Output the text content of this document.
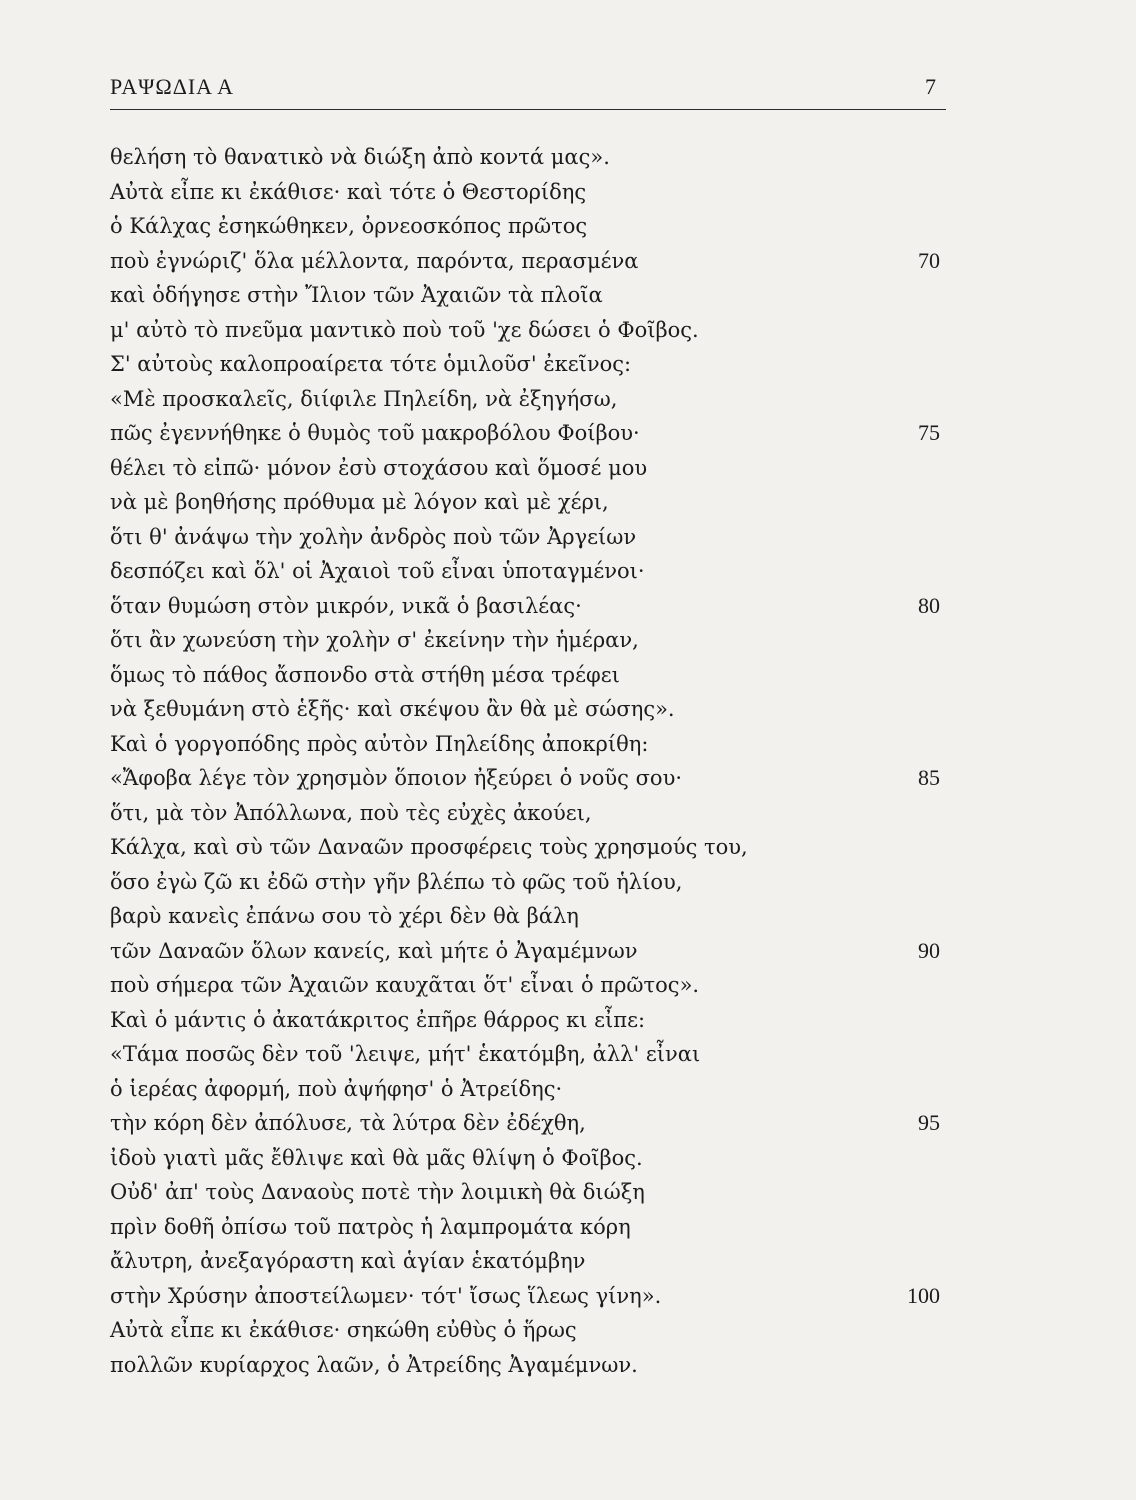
ΡΑΨΩΔΙΑ Α	7
θελήση τὸ θανατικὸ νὰ διώξη ἀπὸ κοντά μας».
Αὐτὰ εἶπε κι ἐκάθισε· καὶ τότε ὁ Θεστορίδης
ὁ Κάλχας ἐσηκώθηκεν, ὀρνεοσκόπος πρῶτος
ποὺ ἐγνώριζ' ὅλα μέλλοντα, παρόντα, περασμένα	70
καὶ ὁδήγησε στὴν Ἴλιον τῶν Ἀχαιῶν τὰ πλοῖα
μ' αὐτὸ τὸ πνεῦμα μαντικὸ ποὺ τοῦ 'χε δώσει ὁ Φοῖβος.
Σ' αὐτοὺς καλοπροαίρετα τότε ὁμιλοῦσ' ἐκεῖνος:
«Μὲ προσκαλεῖς, διίφιλε Πηλείδη, νὰ ἐξηγήσω,
πῶς ἐγεννήθηκε ὁ θυμὸς τοῦ μακροβόλου Φοίβου·	75
θέλει τὸ εἰπῶ· μόνον ἐσὺ στοχάσου καὶ ὅμοσέ μου
νὰ μὲ βοηθήσης πρόθυμα μὲ λόγον καὶ μὲ χέρι,
ὅτι θ' ἀνάψω τὴν χολὴν ἀνδρὸς ποὺ τῶν Ἀργείων
δεσπόζει καὶ ὅλ' οἱ Ἀχαιοὶ τοῦ εἶναι ὑποταγμένοι·
ὅταν θυμώση στὸν μικρόν, νικᾶ ὁ βασιλέας·	80
ὅτι ἂν χωνεύση τὴν χολὴν σ' ἐκείνην τὴν ἡμέραν,
ὅμως τὸ πάθος ἄσπονδο στὰ στήθη μέσα τρέφει
νὰ ξεθυμάνη στὸ ἑξῆς· καὶ σκέψου ἂν θὰ μὲ σώσης».
Καὶ ὁ γοργοπόδης πρὸς αὐτὸν Πηλείδης ἀποκρίθη:
«Ἄφοβα λέγε τὸν χρησμὸν ὅποιον ἠξεύρει ὁ νοῦς σου·	85
ὅτι, μὰ τὸν Ἀπόλλωνα, ποὺ τὲς εὐχὲς ἀκούει,
Κάλχα, καὶ σὺ τῶν Δαναῶν προσφέρεις τοὺς χρησμούς του,
ὅσο ἐγὼ ζῶ κι ἐδῶ στὴν γῆν βλέπω τὸ φῶς τοῦ ἡλίου,
βαρὺ κανεὶς ἐπάνω σου τὸ χέρι δὲν θὰ βάλη
τῶν Δαναῶν ὅλων κανείς, καὶ μήτε ὁ Ἀγαμέμνων	90
ποὺ σήμερα τῶν Ἀχαιῶν καυχᾶται ὅτ' εἶναι ὁ πρῶτος».
Καὶ ὁ μάντις ὁ ἀκατάκριτος ἐπῆρε θάρρος κι εἶπε:
«Τάμα ποσῶς δὲν τοῦ 'λειψε, μήτ' ἑκατόμβη, ἀλλ' εἶναι
ὁ ἱερέας ἀφορμή, ποὺ ἀψήφησ' ὁ Ἀτρείδης·
τὴν κόρη δὲν ἀπόλυσε, τὰ λύτρα δὲν ἐδέχθη,	95
ἰδοὺ γιατὶ μᾶς ἔθλιψε καὶ θὰ μᾶς θλίψη ὁ Φοῖβος.
Οὐδ' ἀπ' τοὺς Δαναοὺς ποτὲ τὴν λοιμικὴ θὰ διώξη
πρὶν δοθῆ ὀπίσω τοῦ πατρὸς ἡ λαμπρομάτα κόρη
ἄλυτρη, ἀνεξαγόραστη καὶ ἁγίαν ἑκατόμβην
στὴν Χρύσην ἀποστείλωμεν· τότ' ἴσως ἵλεως γίνη».	100
Αὐτὰ εἶπε κι ἐκάθισε· σηκώθη εὐθὺς ὁ ἥρως
πολλῶν κυρίαρχος λαῶν, ὁ Ἀτρείδης Ἀγαμέμνων.
